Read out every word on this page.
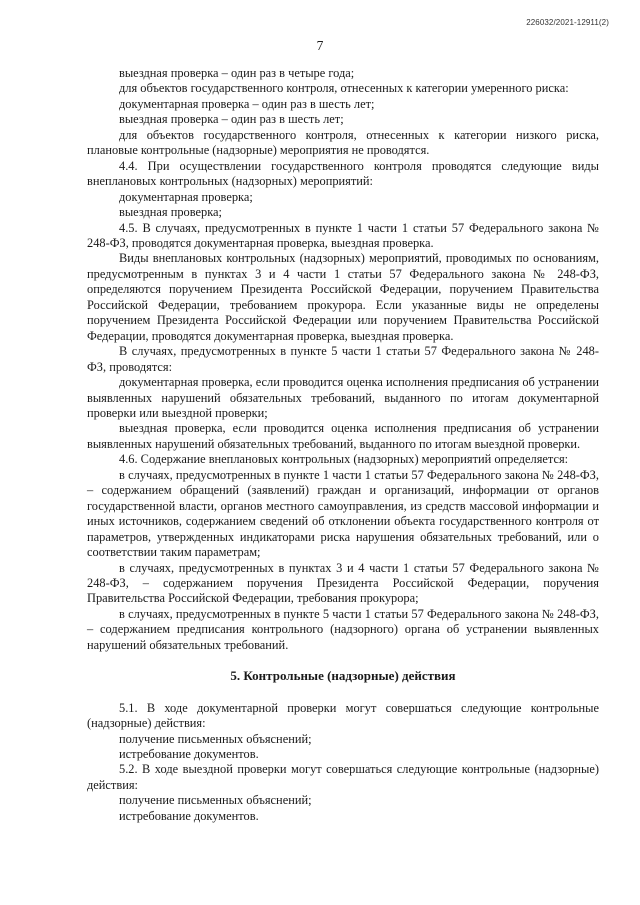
226032/2021-12911(2)
7

выездная проверка – один раз в четыре года;

для объектов государственного контроля, отнесенных к категории умеренного риска:

документарная проверка – один раз в шесть лет;

выездная проверка – один раз в шесть лет;

для объектов государственного контроля, отнесенных к категории низкого риска, плановые контрольные (надзорные) мероприятия не проводятся.

4.4. При осуществлении государственного контроля проводятся следующие виды внеплановых контрольных (надзорных) мероприятий:

документарная проверка;

выездная проверка;

4.5. В случаях, предусмотренных в пункте 1 части 1 статьи 57 Федерального закона № 248-ФЗ, проводятся документарная проверка, выездная проверка.

Виды внеплановых контрольных (надзорных) мероприятий, проводимых по основаниям, предусмотренным в пунктах 3 и 4 части 1 статьи 57 Федерального закона № 248-ФЗ, определяются поручением Президента Российской Федерации, поручением Правительства Российской Федерации, требованием прокурора. Если указанные виды не определены поручением Президента Российской Федерации или поручением Правительства Российской Федерации, проводятся документарная проверка, выездная проверка.

В случаях, предусмотренных в пункте 5 части 1 статьи 57 Федерального закона № 248-ФЗ, проводятся:

документарная проверка, если проводится оценка исполнения предписания об устранении выявленных нарушений обязательных требований, выданного по итогам документарной проверки или выездной проверки;

выездная проверка, если проводится оценка исполнения предписания об устранении выявленных нарушений обязательных требований, выданного по итогам выездной проверки.

4.6. Содержание внеплановых контрольных (надзорных) мероприятий определяется:

в случаях, предусмотренных в пункте 1 части 1 статьи 57 Федерального закона № 248-ФЗ, – содержанием обращений (заявлений) граждан и организаций, информации от органов государственной власти, органов местного самоуправления, из средств массовой информации и иных источников, содержанием сведений об отклонении объекта государственного контроля от параметров, утвержденных индикаторами риска нарушения обязательных требований, или о соответствии таким параметрам;

в случаях, предусмотренных в пунктах 3 и 4 части 1 статьи 57 Федерального закона № 248-ФЗ, – содержанием поручения Президента Российской Федерации, поручения Правительства Российской Федерации, требования прокурора;

в случаях, предусмотренных в пункте 5 части 1 статьи 57 Федерального закона № 248-ФЗ, – содержанием предписания контрольного (надзорного) органа об устранении выявленных нарушений обязательных требований.

5. Контрольные (надзорные) действия

5.1. В ходе документарной проверки могут совершаться следующие контрольные (надзорные) действия:

получение письменных объяснений;

истребование документов.

5.2. В ходе выездной проверки могут совершаться следующие контрольные (надзорные) действия:

получение письменных объяснений;

истребование документов.
